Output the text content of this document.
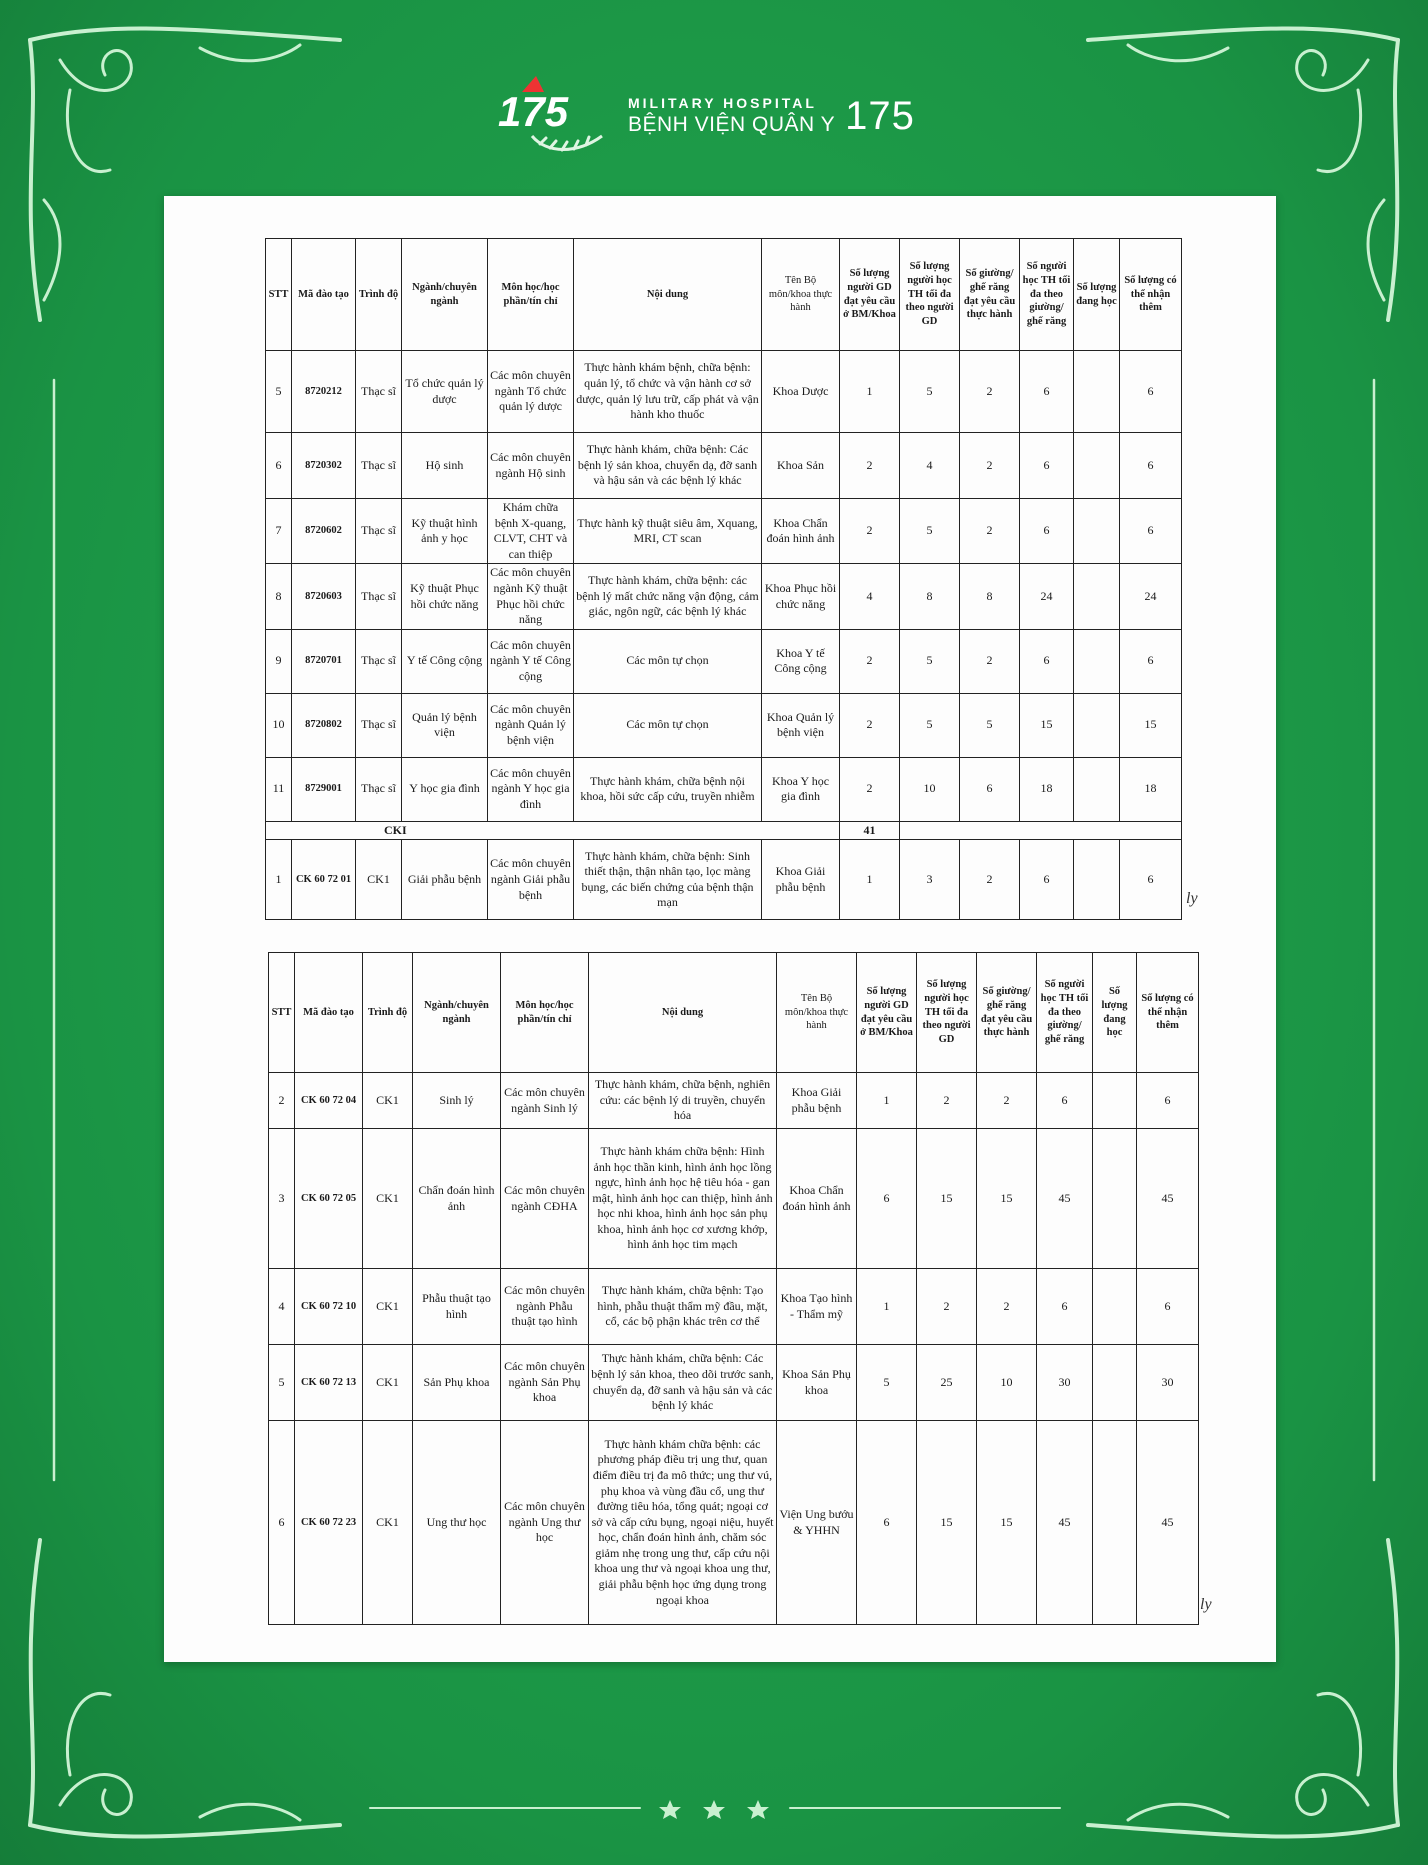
175	MILITARY HOSPITAL
BỆNH VIỆN QUÂN Y 175
STT	Mã đào tạo	Trình độ	Ngành/chuyên ngành	Môn học/học phần/tín chỉ	Nội dung	Tên Bộ môn/khoa thực hành	Số lượng người GD đạt yêu cầu ở BM/Khoa	Số lượng người học TH tối đa theo người GD	Số giường/ ghế răng đạt yêu cầu thực hành	Số người học TH tối đa theo giường/ ghế răng	Số lượng đang học	Số lượng có thể nhận thêm
5	8720212	Thạc sĩ	Tổ chức quản lý dược	Các môn chuyên ngành Tổ chức quản lý dược	Thực hành khám bệnh, chữa bệnh: quản lý, tổ chức và vận hành cơ sở dược, quản lý lưu trữ, cấp phát và vận hành kho thuốc	Khoa Dược	1	5	2	6		6
6	8720302	Thạc sĩ	Hộ sinh	Các môn chuyên ngành Hộ sinh	Thực hành khám, chữa bệnh: Các bệnh lý sản khoa, chuyển dạ, đỡ sanh và hậu sản và các bệnh lý khác	Khoa Sản	2	4	2	6		6
7	8720602	Thạc sĩ	Kỹ thuật hình ảnh y học	Khám chữa bệnh X-quang, CLVT, CHT và can thiệp	Thực hành kỹ thuật siêu âm, Xquang, MRI, CT scan	Khoa Chẩn đoán hình ảnh	2	5	2	6		6
8	8720603	Thạc sĩ	Kỹ thuật Phục hồi chức năng	Các môn chuyên ngành Kỹ thuật Phục hồi chức năng	Thực hành khám, chữa bệnh: các bệnh lý mất chức năng vận động, cảm giác, ngôn ngữ, các bệnh lý khác	Khoa Phục hồi chức năng	4	8	8	24		24
9	8720701	Thạc sĩ	Y tế Công cộng	Các môn chuyên ngành Y tế Công cộng	Các môn tự chọn	Khoa Y tế Công cộng	2	5	2	6		6
10	8720802	Thạc sĩ	Quản lý bệnh viện	Các môn chuyên ngành Quản lý bệnh viện	Các môn tự chọn	Khoa Quản lý bệnh viện	2	5	5	15		15
11	8729001	Thạc sĩ	Y học gia đình	Các môn chuyên ngành Y học gia đình	Thực hành khám, chữa bệnh nội khoa, hồi sức cấp cứu, truyền nhiễm	Khoa Y học gia đình	2	10	6	18		18
CKI							41					
1	CK 60 72 01	CK1	Giải phẫu bệnh	Các môn chuyên ngành Giải phẫu bệnh	Thực hành khám, chữa bệnh: Sinh thiết thận, thận nhân tạo, lọc màng bụng, các biến chứng của bệnh thận mạn	Khoa Giải phẫu bệnh	1	3	2	6		6
ly
STT	Mã đào tạo	Trình độ	Ngành/chuyên ngành	Môn học/học phần/tín chỉ	Nội dung	Tên Bộ môn/khoa thực hành	Số lượng người GD đạt yêu cầu ở BM/Khoa	Số lượng người học TH tối đa theo người GD	Số giường/ ghế răng đạt yêu cầu thực hành	Số người học TH tối đa theo giường/ ghế răng	Số lượng đang học	Số lượng có thể nhận thêm
2	CK 60 72 04	CK1	Sinh lý	Các môn chuyên ngành Sinh lý	Thực hành khám, chữa bệnh, nghiên cứu: các bệnh lý di truyền, chuyển hóa	Khoa Giải phẫu bệnh	1	2	2	6		6
3	CK 60 72 05	CK1	Chẩn đoán hình ảnh	Các môn chuyên ngành CĐHA	Thực hành khám chữa bệnh: Hình ảnh học thần kinh, hình ảnh học lồng ngực, hình ảnh học hệ tiêu hóa - gan mật, hình ảnh học can thiệp, hình ảnh học nhi khoa, hình ảnh học sản phụ khoa, hình ảnh học cơ xương khớp, hình ảnh học tim mạch	Khoa Chẩn đoán hình ảnh	6	15	15	45		45
4	CK 60 72 10	CK1	Phẫu thuật tạo hình	Các môn chuyên ngành Phẫu thuật tạo hình	Thực hành khám, chữa bệnh: Tạo hình, phẫu thuật thẩm mỹ đầu, mặt, cổ, các bộ phận khác trên cơ thể	Khoa Tạo hình - Thẩm mỹ	1	2	2	6		6
5	CK 60 72 13	CK1	Sản Phụ khoa	Các môn chuyên ngành Sản Phụ khoa	Thực hành khám, chữa bệnh: Các bệnh lý sản khoa, theo dõi trước sanh, chuyển dạ, đỡ sanh và hậu sản và các bệnh lý khác	Khoa Sản Phụ khoa	5	25	10	30		30
6	CK 60 72 23	CK1	Ung thư học	Các môn chuyên ngành Ung thư học	Thực hành khám chữa bệnh: các phương pháp điều trị ung thư, quan điểm điều trị đa mô thức; ung thư vú, phụ khoa và vùng đầu cổ, ung thư đường tiêu hóa, tổng quát; ngoại cơ sở và cấp cứu bụng, ngoại niệu, huyết học, chẩn đoán hình ảnh, chăm sóc giảm nhẹ trong ung thư, cấp cứu nội khoa ung thư và ngoại khoa ung thư, giải phẫu bệnh học ứng dụng trong ngoại khoa	Viện Ung bướu & YHHN	6	15	15	45		45
ly
